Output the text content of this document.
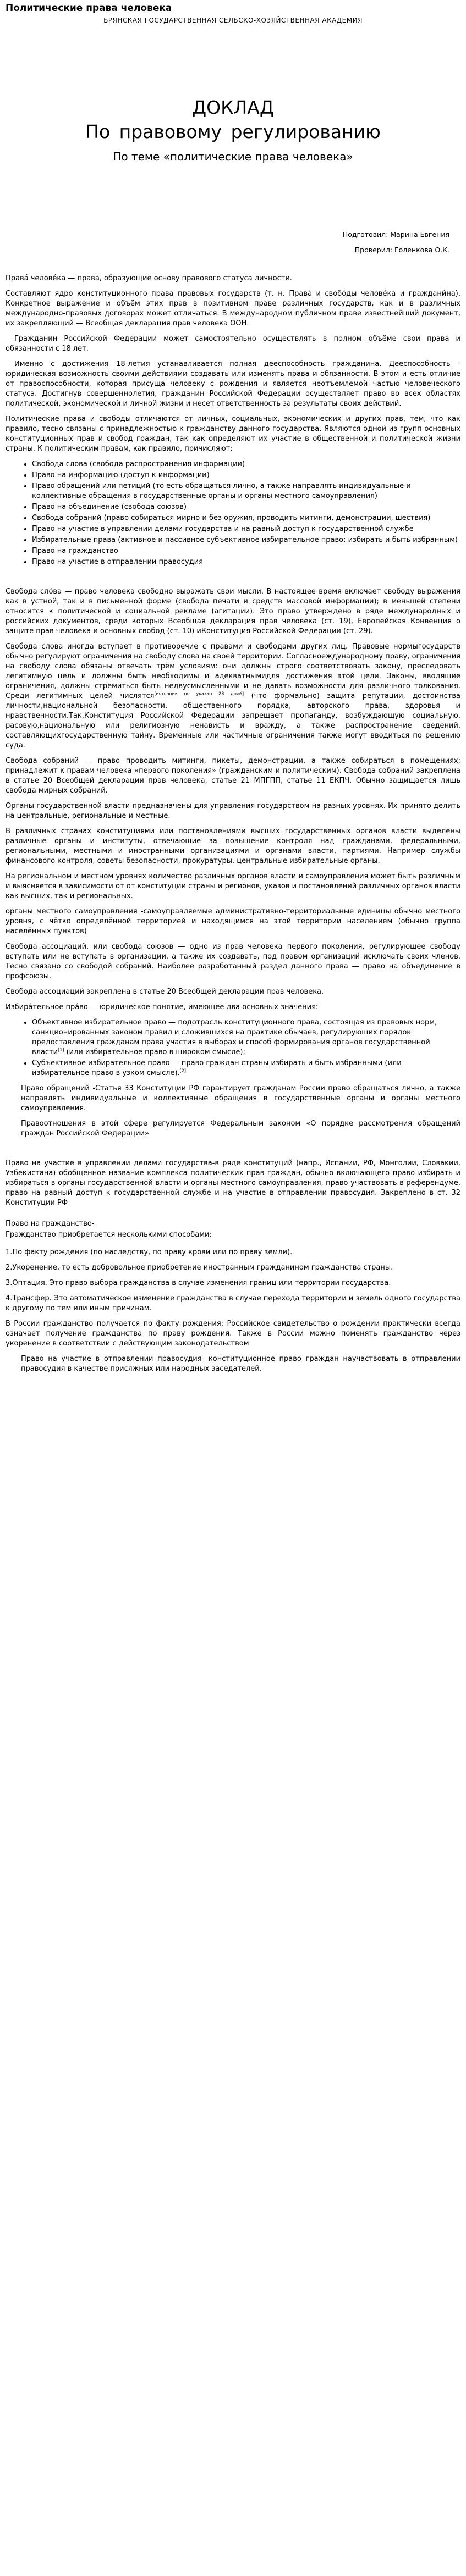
Политические права человека

БРЯНСКАЯ ГОСУДАРСТВЕННАЯ СЕЛЬСКО-ХОЗЯЙСТВЕННАЯ АКАДЕМИЯ

ДОКЛАД
По правовому регулированию
По теме «политические права человека»
Подготовил: Марина Евгения
Проверил: Голенкова О.К.

Права́ челове́ка — права, образующие основу правового статуса личности.

Составляют ядро конституционного права правовых государств (т. н. Права́ и свобо́ды челове́ка и граждани́на). Конкретное выражение и объём этих прав в позитивном праве различных государств, как и в различных международно-правовых договорах может отличаться. В международном публичном праве известнейший документ, их закрепляющий — Всеобщая декларация прав человека ООН.

Гражданин Российской Федерации может самостоятельно осуществлять в полном объёме свои права и обязанности с 18 лет.

Именно с достижения 18-летия устанавливается полная дееспособность гражданина. Дееспособность - юридическая возможность своими действиями создавать или изменять права и обязанности. В этом и есть отличие от правоспособности, которая присуща человеку с рождения и является неотъемлемой частью человеческого статуса. Достигнув совершеннолетия, гражданин Российской Федерации осуществляет право во всех областях политической, экономической и личной жизни и несет ответственность за результаты своих действий.

Политические права и свободы отличаются от личных, социальных, экономических и других прав, тем, что как правило, тесно связаны с принадлежностью к гражданству данного государства. Являются одной из групп основных конституционных прав и свобод граждан, так как определяют их участие в общественной и политической жизни страны. К политическим правам, как правило, причисляют:

• Свобода слова (свобода распространения информации)
• Право на информацию (доступ к информации)
• Право обращений или петиций (то есть обращаться лично, а также направлять индивидуальные и коллективные обращения в государственные органы и органы местного самоуправления)
• Право на объединение (свобода союзов)
• Свобода собраний (право собираться мирно и без оружия, проводить митинги, демонстрации, шествия)
• Право на участие в управлении делами государства и на равный доступ к государственной службе
• Избирательные права (активное и пассивное субъективное избирательное право: избирать и быть избранным)
• Право на гражданство
• Право на участие в отправлении правосудия

Свобода сло́ва — право человека свободно выражать свои мысли. В настоящее время включает свободу выражения как в устной, так и в письменной форме (свобода печати и средств массовой информации); в меньшей степени относится к политической и социальной рекламе (агитации). Это право утверждено в ряде международных и российских документов, среди которых Всеобщая декларация прав человека (ст. 19), Европейская Конвенция о защите прав человека и основных свобод (ст. 10) иКонституция Российской Федерации (ст. 29).

Свобода слова иногда вступает в противоречие с правами и свободами других лиц. Правовые нормыгосударств обычно регулируют ограничения на свободу слова на своей территории. Согласноеждународному праву, ограничения на свободу слова обязаны отвечать трём условиям: они должны строго соответствовать закону, преследовать легитимную цель и должны быть необходимы и адекватнымидля достижения этой цели. Законы, вводящие ограничения, должны стремиться быть недвусмысленными и не давать возможности для различного толкования. Среди легитимных целей числятся[источник не указан 28 дней] (что формально) защита репутации, достоинства личности,национальной безопасности, общественного порядка, авторского права, здоровья и нравственности.Так,Конституция Российской Федерации запрещает пропаганду, возбуждающую социальную, расовую,национальную или религиозную ненависть и вражду, а также распространение сведений, составляющихгосударственную тайну. Временные или частичные ограничения также могут вводиться по решению суда.

Свобода собраний — право проводить митинги, пикеты, демонстрации, а также собираться в помещениях; принадлежит к правам человека «первого поколения» (гражданским и политическим). Свобода собраний закреплена в статье 20 Всеобщей декларации прав человека, статье 21 МПГПП, статье 11 ЕКПЧ. Обычно защищается лишь свобода мирных собраний.

Органы государственной власти предназначены для управления государством на разных уровнях. Их принято делить на центральные, региональные и местные.

В различных странах конституциями или постановлениями высших государственных органов власти выделены различные органы и институты, отвечающие за повышение контроля над гражданами, федеральными, региональными, местными и иностранными организациями и органами власти, партиями. Например службы финансового контроля, советы безопасности, прокуратуры, центральные избирательные органы.

На региональном и местном уровнях количество различных органов власти и самоуправления может быть различным и выясняется в зависимости от от конституции страны и регионов, указов и постановлений различных органов власти как высших, так и региональных.

органы местного самоуправления -самоуправляемые административно-территориальные единицы обычно местного уровня, с чётко определённой территорией и находящимся на этой территории населением (обычно группа населённых пунктов)

Свобода ассоциаций, или свобода союзов — одно из прав человека первого поколения, регулирующее свободу вступать или не вступать в организации, а также их создавать, под правом организаций исключать своих членов. Тесно связано со свободой собраний. Наиболее разработанный раздел данного права — право на объединение в профсоюзы.

Свобода ассоциаций закреплена в статье 20 Всеобщей декларации прав человека.

Избира́тельное пра́во — юридическое понятие, имеющее два основных значения:

• Объективное избирательное право — подотрасль конституционного права, состоящая из правовых норм, санкционированных законом правил и сложившихся на практике обычаев, регулирующих порядок предоставления гражданам права участия в выборах и способ формирования органов государственной власти[1] (или избирательное право в широком смысле);
• Субъективное избирательное право — право граждан страны избирать и быть избранными (или избирательное право в узком смысле).[2]

Право обращений -Статья 33 Конституции РФ гарантирует гражданам России право обращаться лично, а также направлять индивидуальные и коллективные обращения в государственные органы и органы местного самоуправления.

Правоотношения в этой сфере регулируется Федеральным законом «О порядке рассмотрения обращений граждан Российской Федерации»

Право на участие в управлении делами государства-в ряде конституций (напр., Испании, РФ, Монголии, Словакии, Узбекистана) обобщенное название комплекса политических прав граждан, обычно включающего право избирать и избираться в органы государственной власти и органы местного самоуправления, право участвовать в референдуме, право на равный доступ к государственной службе и на участие в отправлении правосудия. Закреплено в ст. 32 Конституции РФ

Право на гражданство-

Гражданство приобретается несколькими способами:

1.По факту рождения (по наследству, по праву крови или по праву земли).

2.Укоренение, то есть добровольное приобретение иностранным гражданином гражданства страны.

3.Оптация. Это право выбора гражданства в случае изменения границ или территории государства.

4.Трансфер. Это автоматическое изменение гражданства в случае перехода территории и земель одного государства к другому по тем или иным причинам.

В России гражданство получается по факту рождения: Российское свидетельство о рождении практически всегда означает получение гражданства по праву рождения. Также в России можно поменять гражданство через укоренение в соответствии с действующим законодательством

Право на участие в отправлении правосудия- конституционное право граждан научаствовать в отправлении правосудия в качестве присяжных или народных заседателей.
